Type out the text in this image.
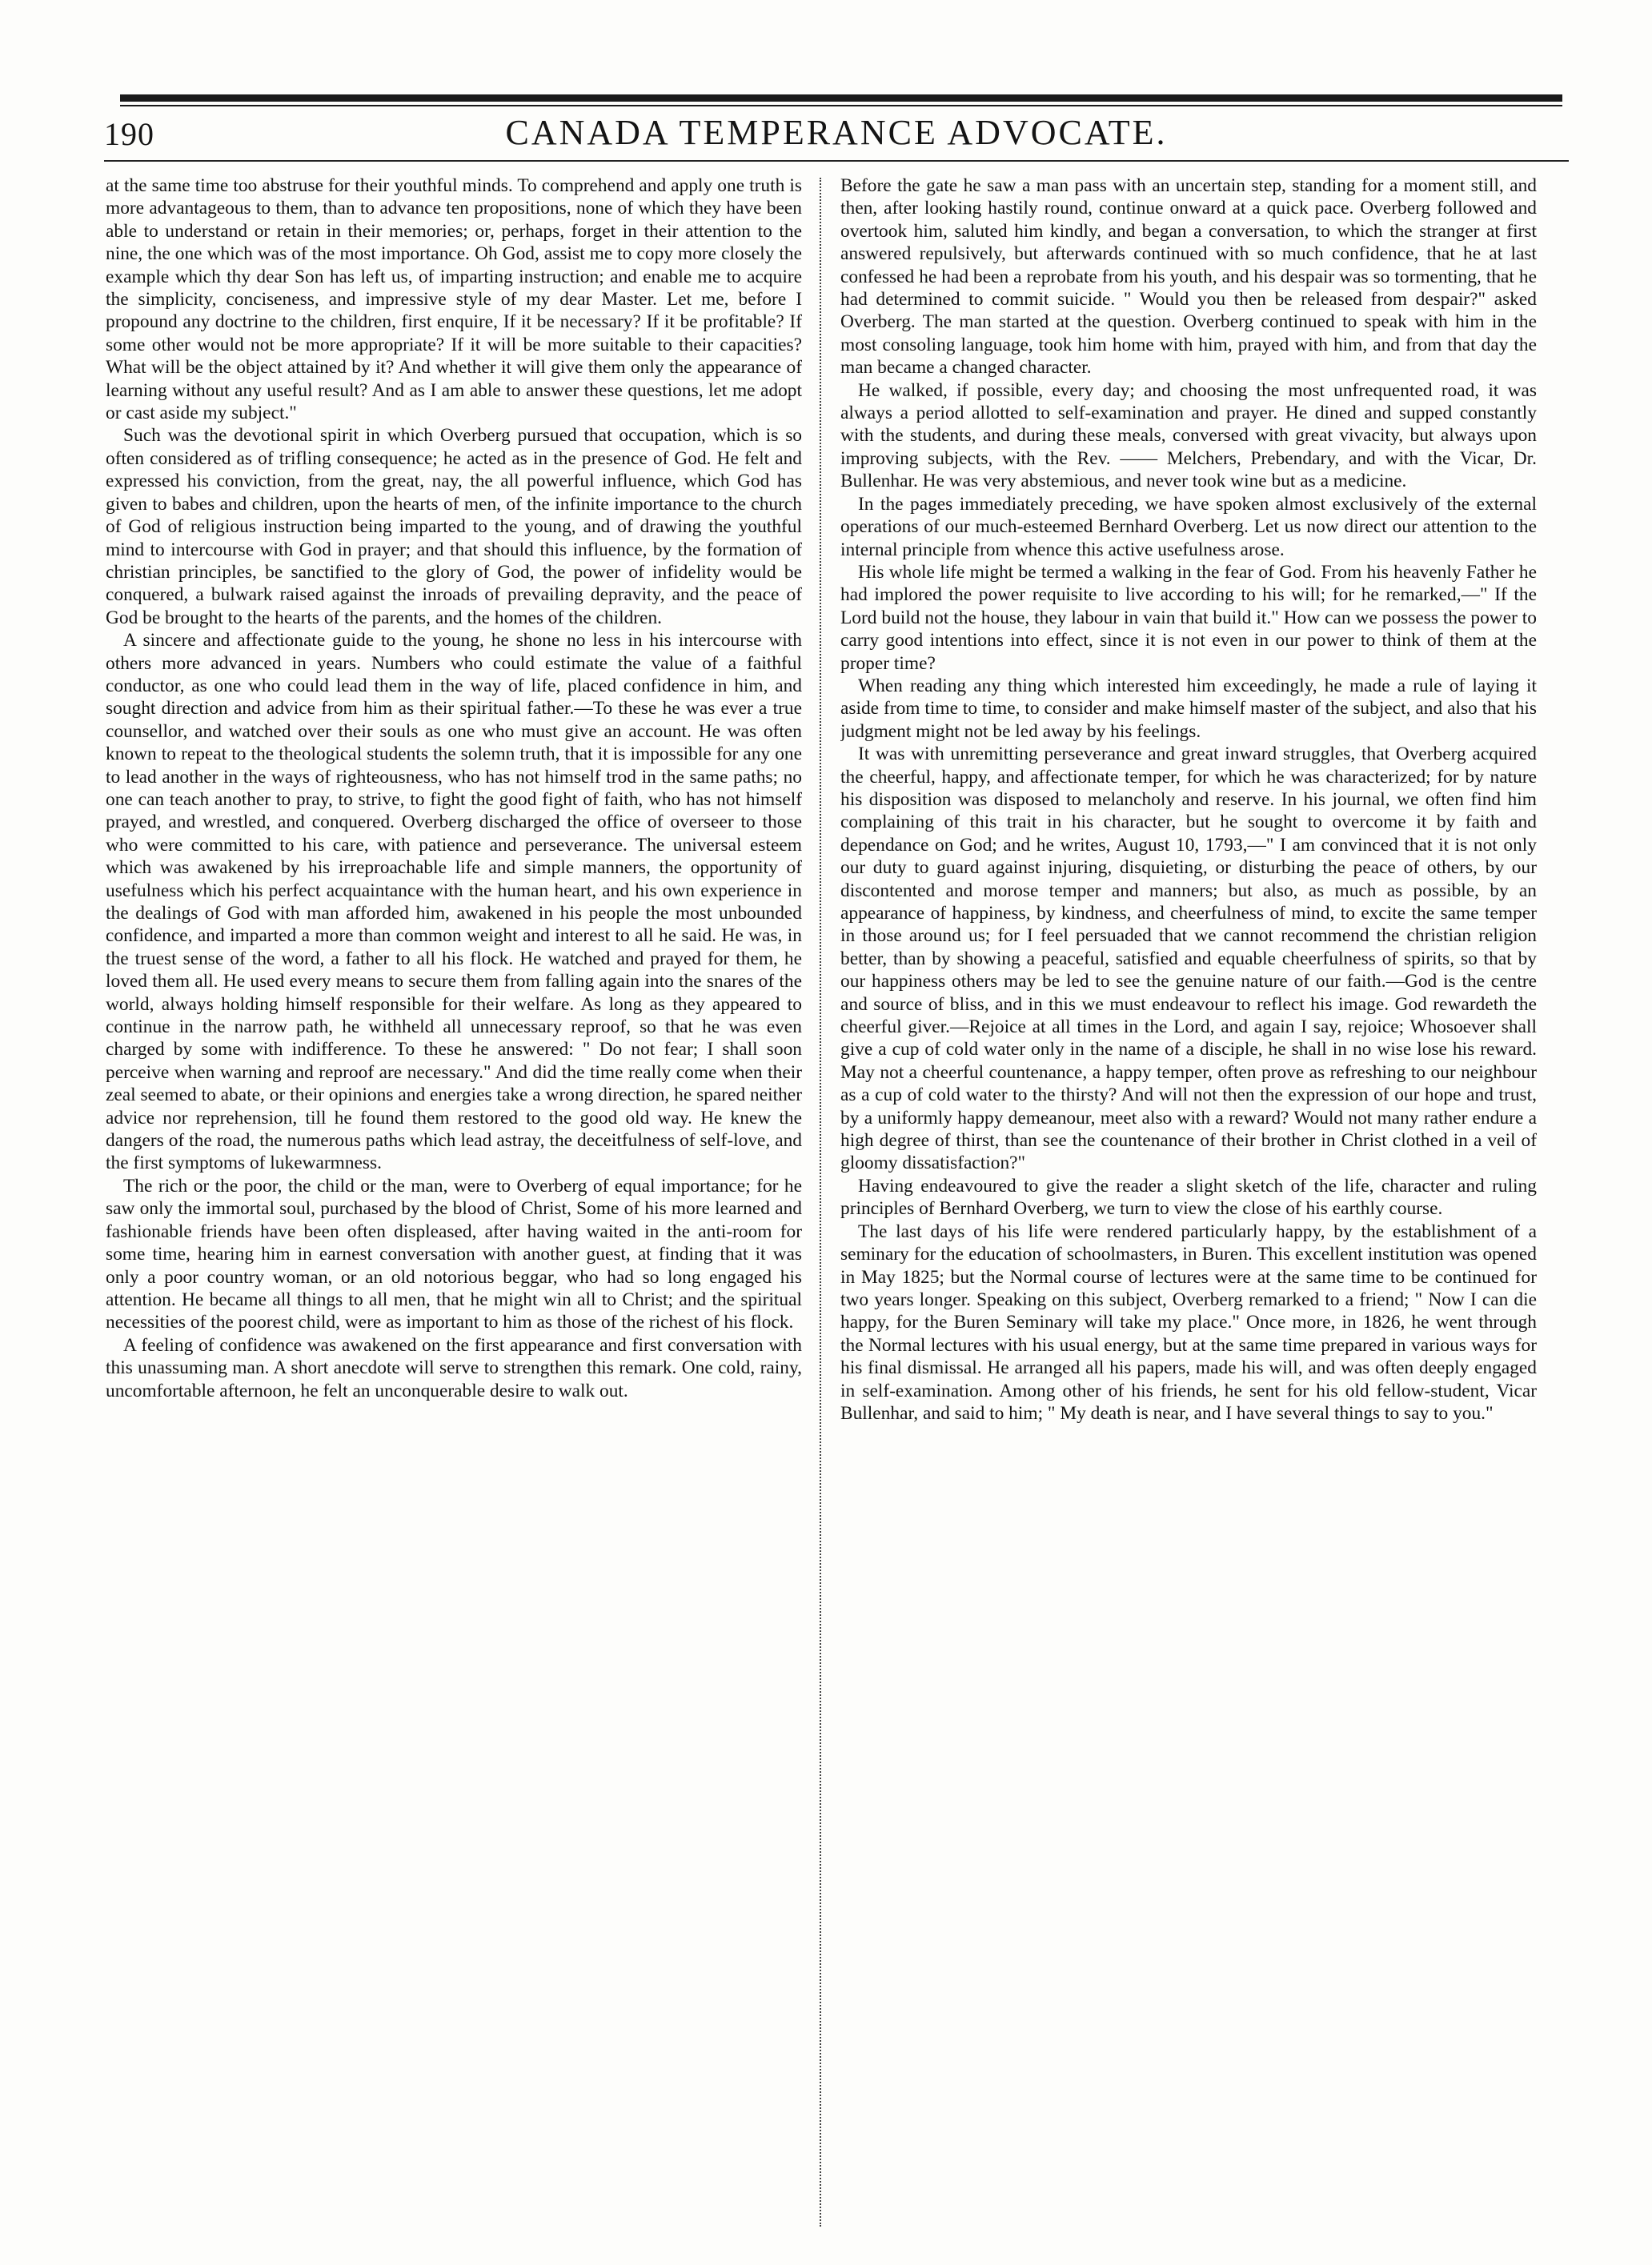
190	CANADA TEMPERANCE ADVOCATE.

at the same time too abstruse for their youthful minds. To comprehend and apply one truth is more advantageous to them, than to advance ten propositions, none of which they have been able to understand or retain in their memories; or, perhaps, forget in their attention to the nine, the one which was of the most importance. Oh God, assist me to copy more closely the example which thy dear Son has left us, of imparting instruction; and enable me to acquire the simplicity, conciseness, and impressive style of my dear Master. Let me, before I propound any doctrine to the children, first enquire, If it be necessary? If it be profitable? If some other would not be more appropriate? If it will be more suitable to their capacities? What will be the object attained by it? And whether it will give them only the appearance of learning without any useful result? And as I am able to answer these questions, let me adopt or cast aside my subject."

Such was the devotional spirit in which Overberg pursued that occupation, which is so often considered as of trifling consequence; he acted as in the presence of God. He felt and expressed his conviction, from the great, nay, the all powerful influence, which God has given to babes and children, upon the hearts of men, of the infinite importance to the church of God of religious instruction being imparted to the young, and of drawing the youthful mind to intercourse with God in prayer; and that should this influence, by the formation of christian principles, be sanctified to the glory of God, the power of infidelity would be conquered, a bulwark raised against the inroads of prevailing depravity, and the peace of God be brought to the hearts of the parents, and the homes of the children.

A sincere and affectionate guide to the young, he shone no less in his intercourse with others more advanced in years. Numbers who could estimate the value of a faithful conductor, as one who could lead them in the way of life, placed confidence in him, and sought direction and advice from him as their spiritual father.—To these he was ever a true counsellor, and watched over their souls as one who must give an account. He was often known to repeat to the theological students the solemn truth, that it is impossible for any one to lead another in the ways of righteousness, who has not himself trod in the same paths; no one can teach another to pray, to strive, to fight the good fight of faith, who has not himself prayed, and wrestled, and conquered. Overberg discharged the office of overseer to those who were committed to his care, with patience and perseverance. The universal esteem which was awakened by his irreproachable life and simple manners, the opportunity of usefulness which his perfect acquaintance with the human heart, and his own experience in the dealings of God with man afforded him, awakened in his people the most unbounded confidence, and imparted a more than common weight and interest to all he said. He was, in the truest sense of the word, a father to all his flock. He watched and prayed for them, he loved them all. He used every means to secure them from falling again into the snares of the world, always holding himself responsible for their welfare. As long as they appeared to continue in the narrow path, he withheld all unnecessary reproof, so that he was even charged by some with indifference. To these he answered: " Do not fear; I shall soon perceive when warning and reproof are necessary." And did the time really come when their zeal seemed to abate, or their opinions and energies take a wrong direction, he spared neither advice nor reprehension, till he found them restored to the good old way. He knew the dangers of the road, the numerous paths which lead astray, the deceitfulness of self-love, and the first symptoms of lukewarmness.

The rich or the poor, the child or the man, were to Overberg of equal importance; for he saw only the immortal soul, purchased by the blood of Christ, Some of his more learned and fashionable friends have been often displeased, after having waited in the anti-room for some time, hearing him in earnest conversation with another guest, at finding that it was only a poor country woman, or an old notorious beggar, who had so long engaged his attention. He became all things to all men, that he might win all to Christ; and the spiritual necessities of the poorest child, were as important to him as those of the richest of his flock.

A feeling of confidence was awakened on the first appearance and first conversation with this unassuming man. A short anecdote will serve to strengthen this remark. One cold, rainy, uncomfortable afternoon, he felt an unconquerable desire to walk out.

Before the gate he saw a man pass with an uncertain step, standing for a moment still, and then, after looking hastily round, continue onward at a quick pace. Overberg followed and overtook him, saluted him kindly, and began a conversation, to which the stranger at first answered repulsively, but afterwards continued with so much confidence, that he at last confessed he had been a reprobate from his youth, and his despair was so tormenting, that he had determined to commit suicide. " Would you then be released from despair?" asked Overberg. The man started at the question. Overberg continued to speak with him in the most consoling language, took him home with him, prayed with him, and from that day the man became a changed character.

He walked, if possible, every day; and choosing the most unfrequented road, it was always a period allotted to self-examination and prayer. He dined and supped constantly with the students, and during these meals, conversed with great vivacity, but always upon improving subjects, with the Rev. —— Melchers, Prebendary, and with the Vicar, Dr. Bullenhar. He was very abstemious, and never took wine but as a medicine.

In the pages immediately preceding, we have spoken almost exclusively of the external operations of our much-esteemed Bernhard Overberg. Let us now direct our attention to the internal principle from whence this active usefulness arose.

His whole life might be termed a walking in the fear of God. From his heavenly Father he had implored the power requisite to live according to his will; for he remarked,—" If the Lord build not the house, they labour in vain that build it." How can we possess the power to carry good intentions into effect, since it is not even in our power to think of them at the proper time?

When reading any thing which interested him exceedingly, he made a rule of laying it aside from time to time, to consider and make himself master of the subject, and also that his judgment might not be led away by his feelings.

It was with unremitting perseverance and great inward struggles, that Overberg acquired the cheerful, happy, and affectionate temper, for which he was characterized; for by nature his disposition was disposed to melancholy and reserve. In his journal, we often find him complaining of this trait in his character, but he sought to overcome it by faith and dependance on God; and he writes, August 10, 1793,—" I am convinced that it is not only our duty to guard against injuring, disquieting, or disturbing the peace of others, by our discontented and morose temper and manners; but also, as much as possible, by an appearance of happiness, by kindness, and cheerfulness of mind, to excite the same temper in those around us; for I feel persuaded that we cannot recommend the christian religion better, than by showing a peaceful, satisfied and equable cheerfulness of spirits, so that by our happiness others may be led to see the genuine nature of our faith.—God is the centre and source of bliss, and in this we must endeavour to reflect his image. God rewardeth the cheerful giver.—Rejoice at all times in the Lord, and again I say, rejoice; Whosoever shall give a cup of cold water only in the name of a disciple, he shall in no wise lose his reward. May not a cheerful countenance, a happy temper, often prove as refreshing to our neighbour as a cup of cold water to the thirsty? And will not then the expression of our hope and trust, by a uniformly happy demeanour, meet also with a reward? Would not many rather endure a high degree of thirst, than see the countenance of their brother in Christ clothed in a veil of gloomy dissatisfaction?"

Having endeavoured to give the reader a slight sketch of the life, character and ruling principles of Bernhard Overberg, we turn to view the close of his earthly course.

The last days of his life were rendered particularly happy, by the establishment of a seminary for the education of schoolmasters, in Buren. This excellent institution was opened in May 1825; but the Normal course of lectures were at the same time to be continued for two years longer. Speaking on this subject, Overberg remarked to a friend; " Now I can die happy, for the Buren Seminary will take my place." Once more, in 1826, he went through the Normal lectures with his usual energy, but at the same time prepared in various ways for his final dismissal. He arranged all his papers, made his will, and was often deeply engaged in self-examination. Among other of his friends, he sent for his old fellow-student, Vicar Bullenhar, and said to him; " My death is near, and I have several things to say to you."
